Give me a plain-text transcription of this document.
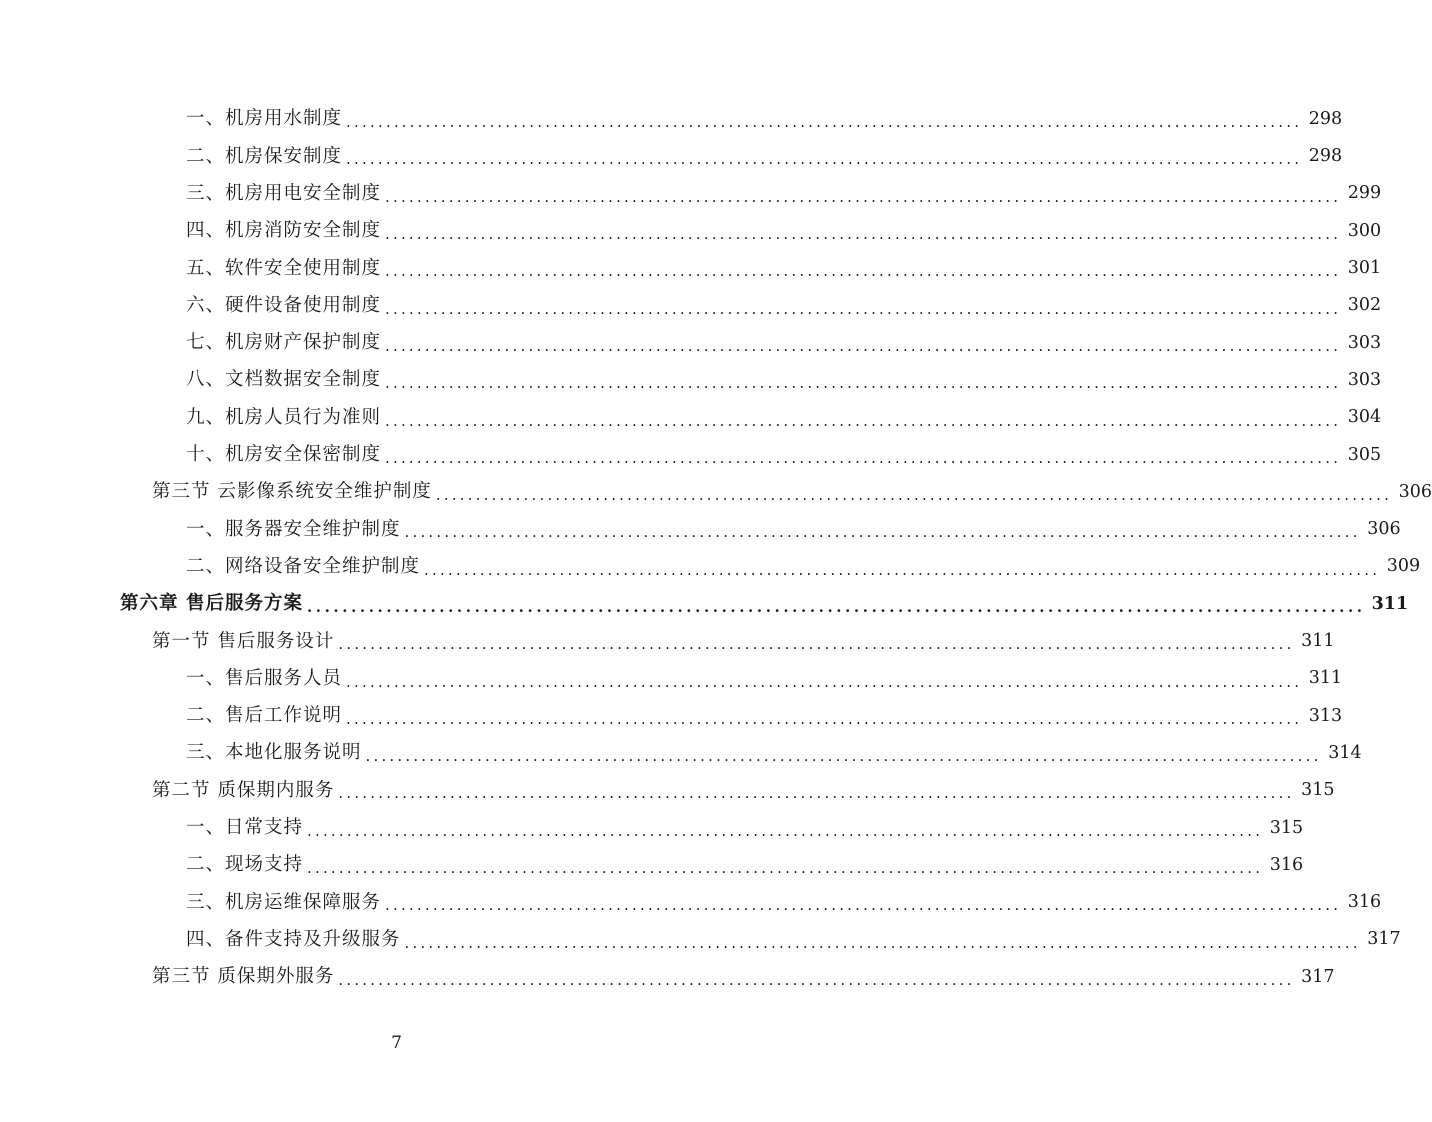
一、机房用水制度 ........................................................................................................................ 298
二、机房保安制度 ........................................................................................................................ 298
三、机房用电安全制度 ........................................................................................................................ 299
四、机房消防安全制度 ........................................................................................................................ 300
五、软件安全使用制度 ........................................................................................................................ 301
六、硬件设备使用制度 ........................................................................................................................ 302
七、机房财产保护制度 ........................................................................................................................ 303
八、文档数据安全制度 ........................................................................................................................ 303
九、机房人员行为准则 ........................................................................................................................ 304
十、机房安全保密制度 ........................................................................................................................ 305
第三节 云影像系统安全维护制度 ........................................................................................................................ 306
一、服务器安全维护制度 ........................................................................................................................ 306
二、网络设备安全维护制度 ........................................................................................................................ 309
第六章 售后服务方案 ........................................................................................................................ 311
第一节 售后服务设计 ........................................................................................................................ 311
一、售后服务人员 ........................................................................................................................ 311
二、售后工作说明 ........................................................................................................................ 313
三、本地化服务说明 ........................................................................................................................ 314
第二节 质保期内服务 ........................................................................................................................ 315
一、日常支持 ........................................................................................................................ 315
二、现场支持 ........................................................................................................................ 316
三、机房运维保障服务 ........................................................................................................................ 316
四、备件支持及升级服务 ........................................................................................................................ 317
第三节 质保期外服务 ........................................................................................................................ 317
7
